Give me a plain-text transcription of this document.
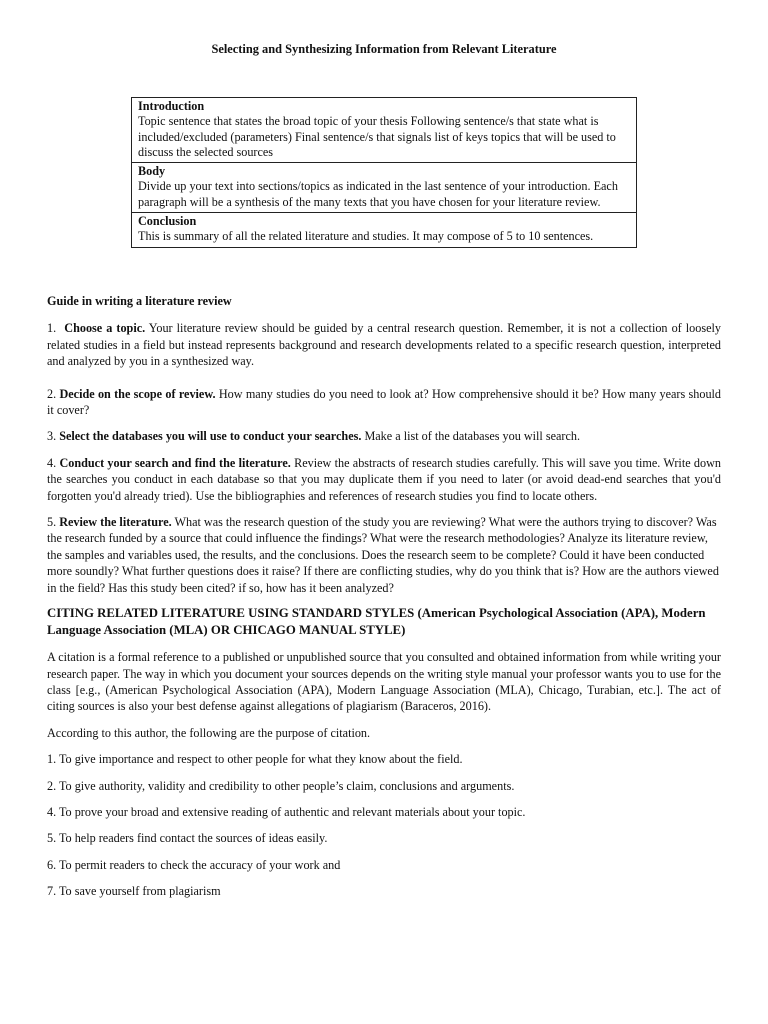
Selecting and Synthesizing Information from Relevant Literature
Introduction
Topic sentence that states the broad topic of your thesis Following sentence/s that state what is included/excluded (parameters) Final sentence/s that signals list of keys topics that will be used to discuss the selected sources

Body
Divide up your text into sections/topics as indicated in the last sentence of your introduction. Each paragraph will be a synthesis of the many texts that you have chosen for your literature review.

Conclusion
This is summary of all the related literature and studies. It may compose of 5 to 10 sentences.

Guide in writing a literature review

1. Choose a topic. Your literature review should be guided by a central research question. Remember, it is not a collection of loosely related studies in a field but instead represents background and research developments related to a specific research question, interpreted and analyzed by you in a synthesized way.

2. Decide on the scope of review. How many studies do you need to look at? How comprehensive should it be? How many years should it cover?

3. Select the databases you will use to conduct your searches. Make a list of the databases you will search.

4. Conduct your search and find the literature. Review the abstracts of research studies carefully. This will save you time. Write down the searches you conduct in each database so that you may duplicate them if you need to later (or avoid dead-end searches that you'd forgotten you'd already tried). Use the bibliographies and references of research studies you find to locate others.

5. Review the literature. What was the research question of the study you are reviewing? What were the authors trying to discover? Was the research funded by a source that could influence the findings? What were the research methodologies? Analyze its literature review, the samples and variables used, the results, and the conclusions. Does the research seem to be complete? Could it have been conducted more soundly? What further questions does it raise? If there are conflicting studies, why do you think that is? How are the authors viewed in the field? Has this study been cited? if so, how has it been analyzed?

CITING RELATED LITERATURE USING STANDARD STYLES (American Psychological Association (APA), Modern Language Association (MLA) OR CHICAGO MANUAL STYLE)

A citation is a formal reference to a published or unpublished source that you consulted and obtained information from while writing your research paper. The way in which you document your sources depends on the writing style manual your professor wants you to use for the class [e.g., (American Psychological Association (APA), Modern Language Association (MLA), Chicago, Turabian, etc.]. The act of citing sources is also your best defense against allegations of plagiarism (Baraceros, 2016).

According to this author, the following are the purpose of citation.

1. To give importance and respect to other people for what they know about the field.

2. To give authority, validity and credibility to other people’s claim, conclusions and arguments.

4. To prove your broad and extensive reading of authentic and relevant materials about your topic.

5. To help readers find contact the sources of ideas easily.

6. To permit readers to check the accuracy of your work and

7. To save yourself from plagiarism
